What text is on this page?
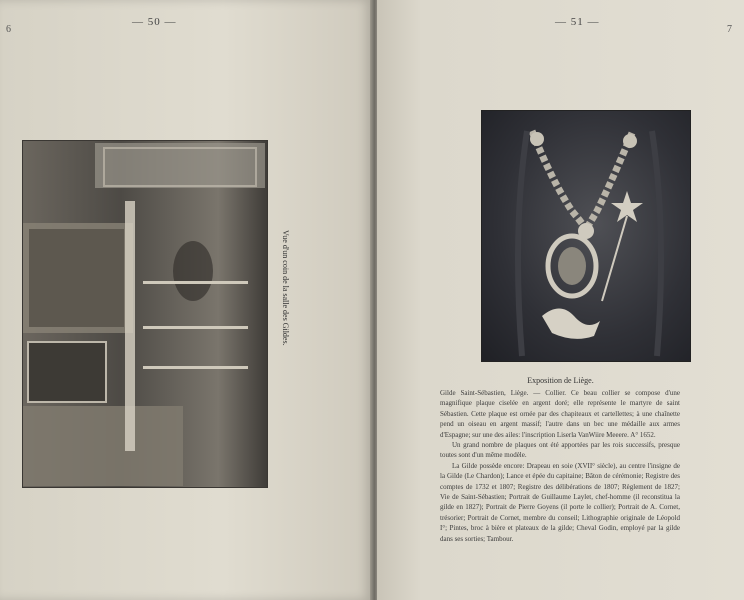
6
— 50 —
Vue d'un coin de la salle des Gildes.
— 51 —
7
Exposition de Liège.

Gilde Saint-Sébastien, Liège. — Collier. Ce beau collier se compose d'une magnifique plaque ciselée en argent doré; elle représente le martyre de saint Sébastien. Cette plaque est ornée par des chapiteaux et cartellettes; à une chaînette pend un oiseau en argent massif; l'autre dans un bec une médaille aux armes d'Espagne; sur une des ailes: l'inscription Liserla VanWiire Meeere. A° 1652.

Un grand nombre de plaques ont été apportées par les rois successifs, presque toutes sont d'un même modèle.

La Gilde possède encore: Drapeau en soie (XVII° siècle), au centre l'insigne de la Gilde (Le Chardon); Lance et épée du capitaine; Bâton de cérémonie; Registre des comptes de 1732 et 1807; Registre des délibérations de 1807; Règlement de 1827; Vie de Saint-Sébastien; Portrait de Guillaume Laylet, chef-homme (il reconstitua la gilde en 1827); Portrait de Pierre Goyens (il porte le collier); Portrait de A. Cornet, trésorier; Portrait de Cornet, membre du conseil; Lithographie originale de Léopold I°; Pintes, broc à bière et plateaux de la gilde; Cheval Godin, employé par la gilde dans ses sorties; Tambour.
